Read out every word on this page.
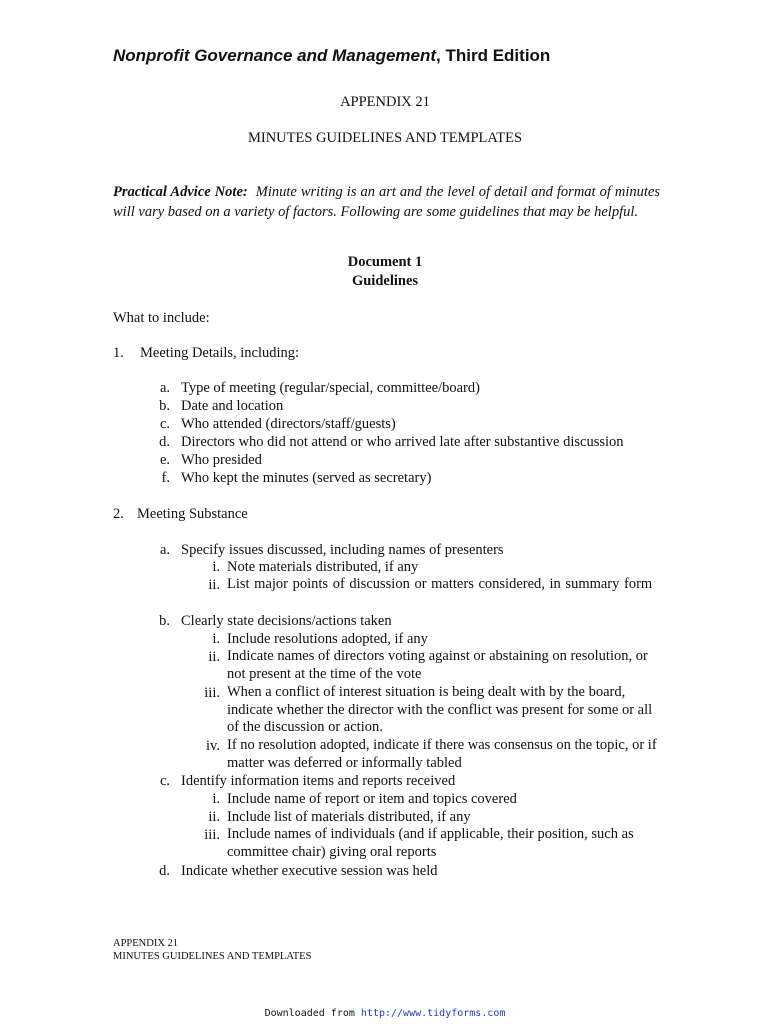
Nonprofit Governance and Management, Third Edition
APPENDIX 21
MINUTES GUIDELINES AND TEMPLATES
Practical Advice Note: Minute writing is an art and the level of detail and format of minutes will vary based on a variety of factors. Following are some guidelines that may be helpful.
Document 1
Guidelines
What to include:
1. Meeting Details, including:
a. Type of meeting (regular/special, committee/board)
b. Date and location
c. Who attended (directors/staff/guests)
d. Directors who did not attend or who arrived late after substantive discussion
e. Who presided
f. Who kept the minutes (served as secretary)
2. Meeting Substance
a. Specify issues discussed, including names of presenters
i. Note materials distributed, if any
ii. List major points of discussion or matters considered, in summary form
b. Clearly state decisions/actions taken
i. Include resolutions adopted, if any
ii. Indicate names of directors voting against or abstaining on resolution, or not present at the time of the vote
iii. When a conflict of interest situation is being dealt with by the board, indicate whether the director with the conflict was present for some or all of the discussion or action.
iv. If no resolution adopted, indicate if there was consensus on the topic, or if matter was deferred or informally tabled
c. Identify information items and reports received
i. Include name of report or item and topics covered
ii. Include list of materials distributed, if any
iii. Include names of individuals (and if applicable, their position, such as committee chair) giving oral reports
d. Indicate whether executive session was held
APPENDIX 21
MINUTES GUIDELINES AND TEMPLATES
Downloaded from http://www.tidyforms.com
